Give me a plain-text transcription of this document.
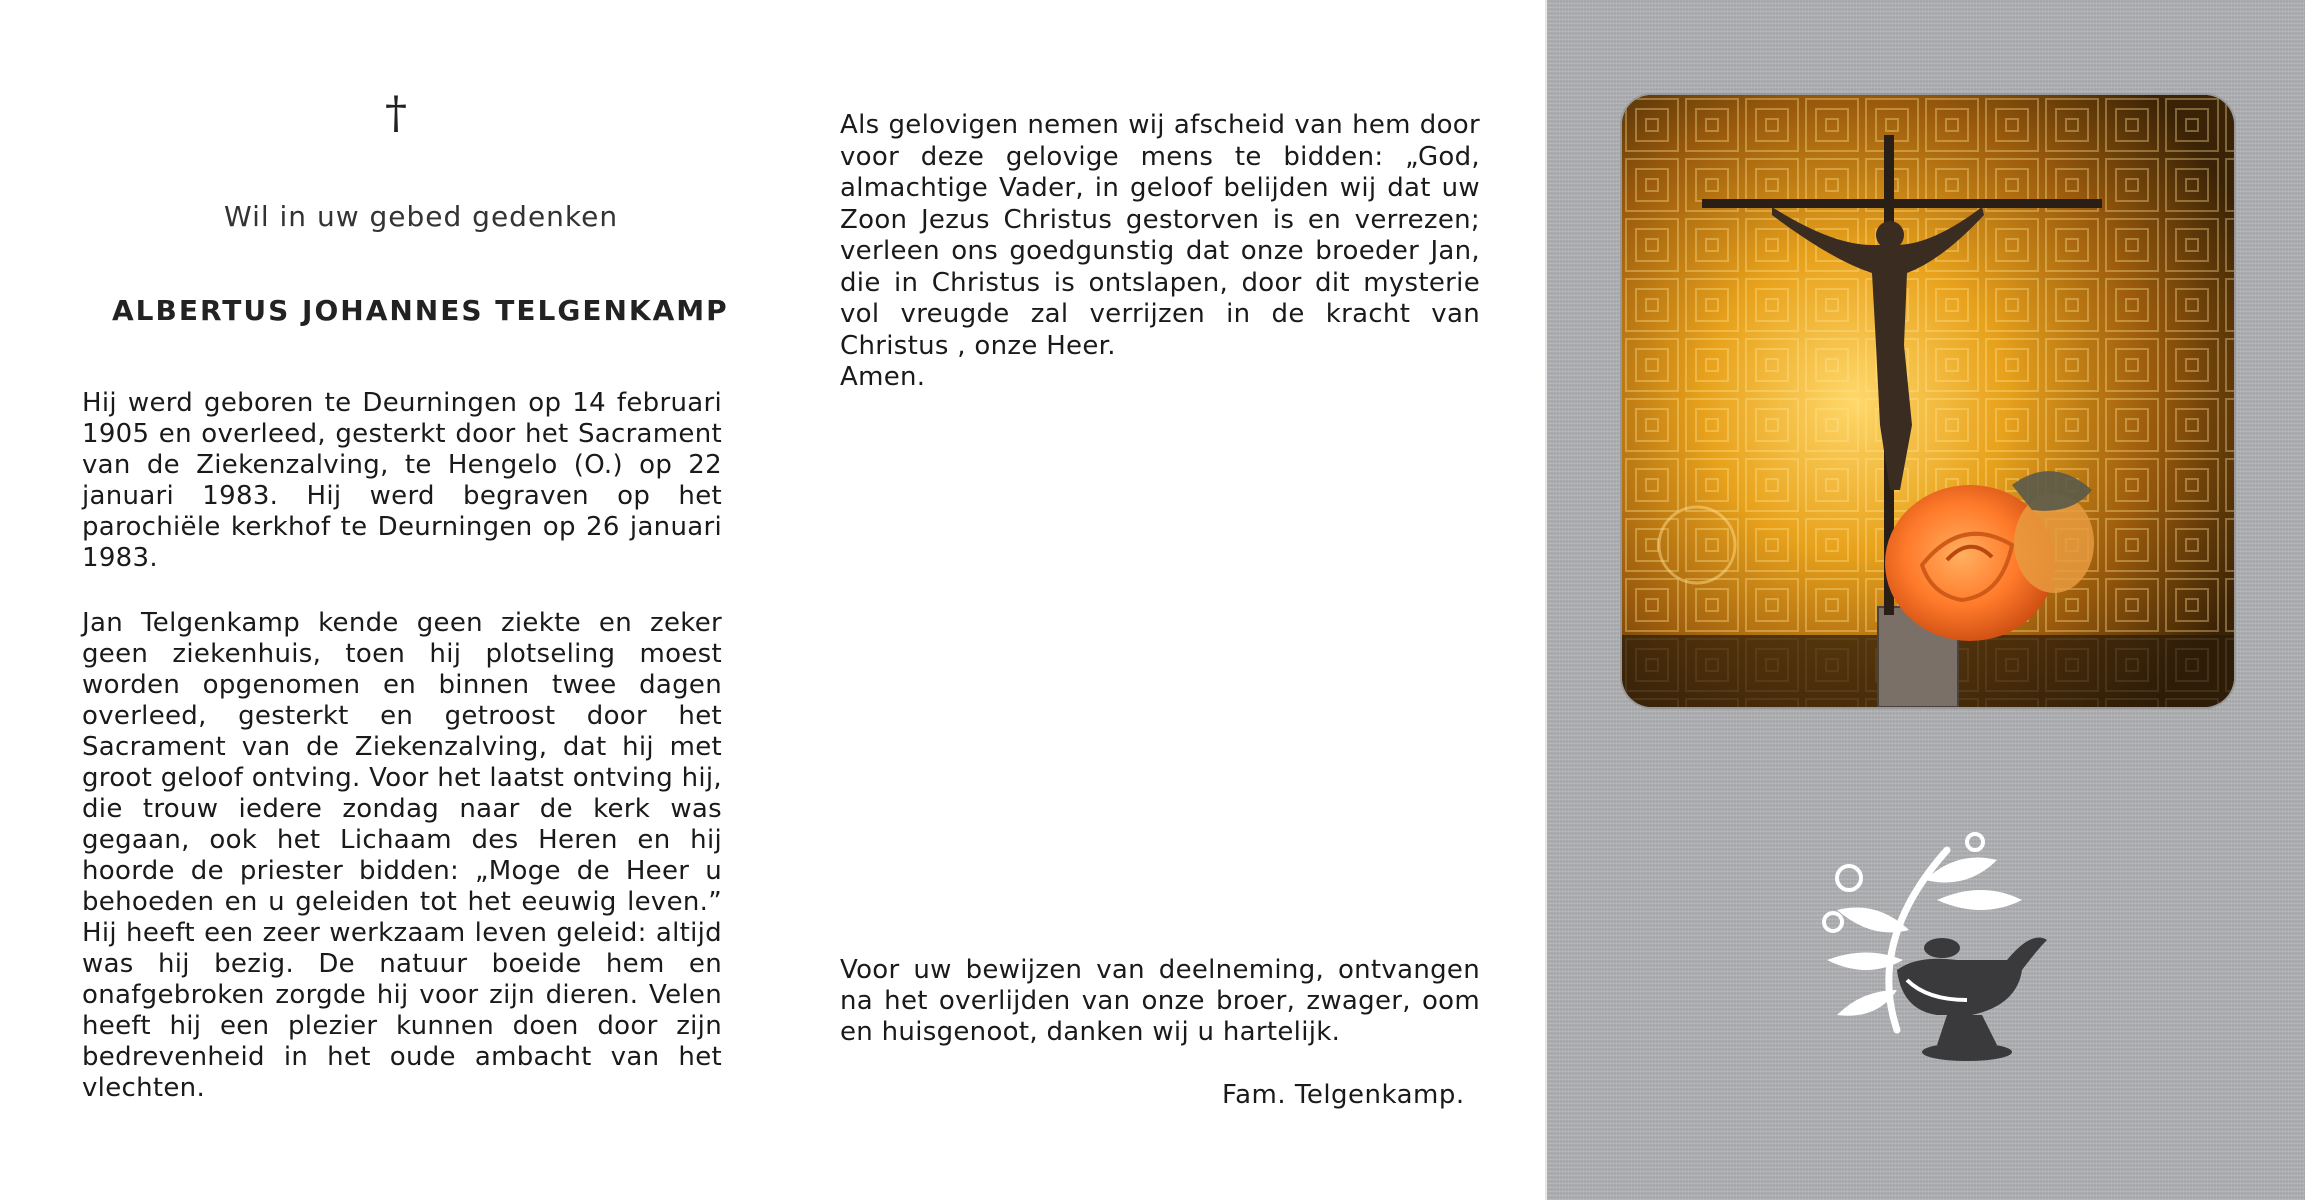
†
Wil in uw gebed gedenken
ALBERTUS JOHANNES TELGENKAMP
Hij werd geboren te Deurningen op 14 februari 1905 en overleed, gesterkt door het Sacrament van de Ziekenzalving, te Hengelo (O.) op 22 januari 1983. Hij werd begraven op het parochiële kerkhof te Deurningen op 26 januari 1983.
Jan Telgenkamp kende geen ziekte en zeker geen ziekenhuis, toen hij plotseling moest worden opgenomen en binnen twee dagen overleed, gesterkt en getroost door het Sacrament van de Ziekenzalving, dat hij met groot geloof ontving. Voor het laatst ontving hij, die trouw iedere zondag naar de kerk was gegaan, ook het Lichaam des Heren en hij hoorde de priester bidden: „Moge de Heer u behoeden en u geleiden tot het eeuwig leven.” Hij heeft een zeer werkzaam leven geleid: altijd was hij bezig. De natuur boeide hem en onafgebroken zorgde hij voor zijn dieren. Velen heeft hij een plezier kunnen doen door zijn bedrevenheid in het oude ambacht van het vlechten.
Als gelovigen nemen wij afscheid van hem door voor deze gelovige mens te bidden: „God, almachtige Vader, in geloof belijden wij dat uw Zoon Jezus Christus gestorven is en verrezen; verleen ons goedgunstig dat onze broeder Jan, die in Christus is ontslapen, door dit mysterie vol vreugde zal verrijzen in de kracht van Christus , onze Heer.
Amen.
Voor uw bewijzen van deelneming, ontvangen na het overlijden van onze broer, zwager, oom en huisgenoot, danken wij u hartelijk.
Fam. Telgenkamp.
